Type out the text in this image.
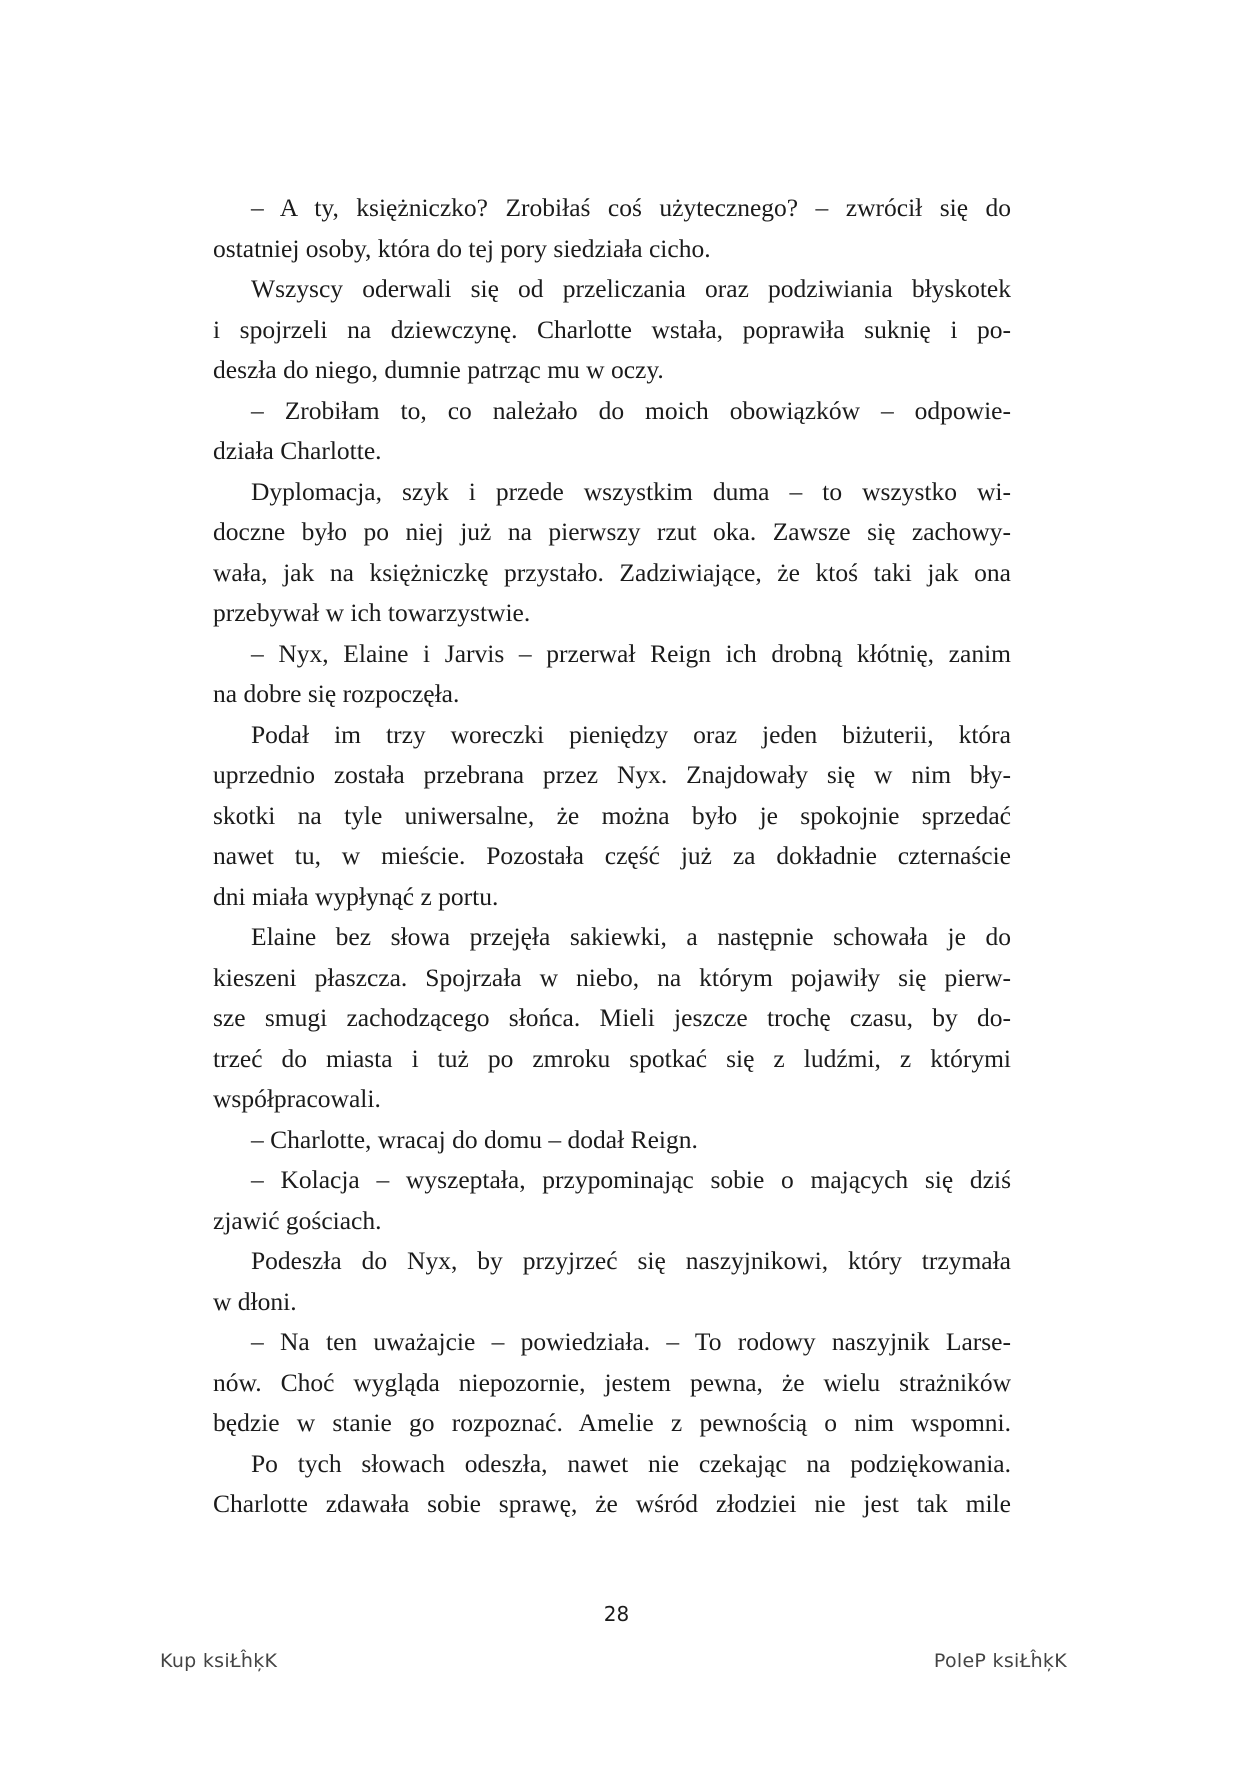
– A ty, księżniczko? Zrobiłaś coś użytecznego? – zwrócił się do
ostatniej osoby, która do tej pory siedziała cicho.
Wszyscy oderwali się od przeliczania oraz podziwiania błyskotek
i spojrzeli na dziewczynę. Charlotte wstała, poprawiła suknię i po-
deszła do niego, dumnie patrząc mu w oczy.
– Zrobiłam to, co należało do moich obowiązków – odpowie-
działa Charlotte.
Dyplomacja, szyk i przede wszystkim duma – to wszystko wi-
doczne było po niej już na pierwszy rzut oka. Zawsze się zachowy-
wała, jak na księżniczkę przystało. Zadziwiające, że ktoś taki jak ona
przebywał w ich towarzystwie.
– Nyx, Elaine i Jarvis – przerwał Reign ich drobną kłótnię, zanim
na dobre się rozpoczęła.
Podał im trzy woreczki pieniędzy oraz jeden biżuterii, która
uprzednio została przebrana przez Nyx. Znajdowały się w nim bły-
skotki na tyle uniwersalne, że można było je spokojnie sprzedać
nawet tu, w mieście. Pozostała część już za dokładnie czternaście
dni miała wypłynąć z portu.
Elaine bez słowa przejęła sakiewki, a następnie schowała je do
kieszeni płaszcza. Spojrzała w niebo, na którym pojawiły się pierw-
sze smugi zachodzącego słońca. Mieli jeszcze trochę czasu, by do-
trzeć do miasta i tuż po zmroku spotkać się z ludźmi, z którymi
współpracowali.
– Charlotte, wracaj do domu – dodał Reign.
– Kolacja – wyszeptała, przypominając sobie o mających się dziś
zjawić gościach.
Podeszła do Nyx, by przyjrzeć się naszyjnikowi, który trzymała
w dłoni.
– Na ten uważajcie – powiedziała. – To rodowy naszyjnik Larse-
nów. Choć wygląda niepozornie, jestem pewna, że wielu strażników
będzie w stanie go rozpoznać. Amelie z pewnością o nim wspomni.
Po tych słowach odeszła, nawet nie czekając na podziękowania.
Charlotte zdawała sobie sprawę, że wśród złodziei nie jest tak mile
28
Kup ksiŁĥķK	PoleP ksiŁĥķK
